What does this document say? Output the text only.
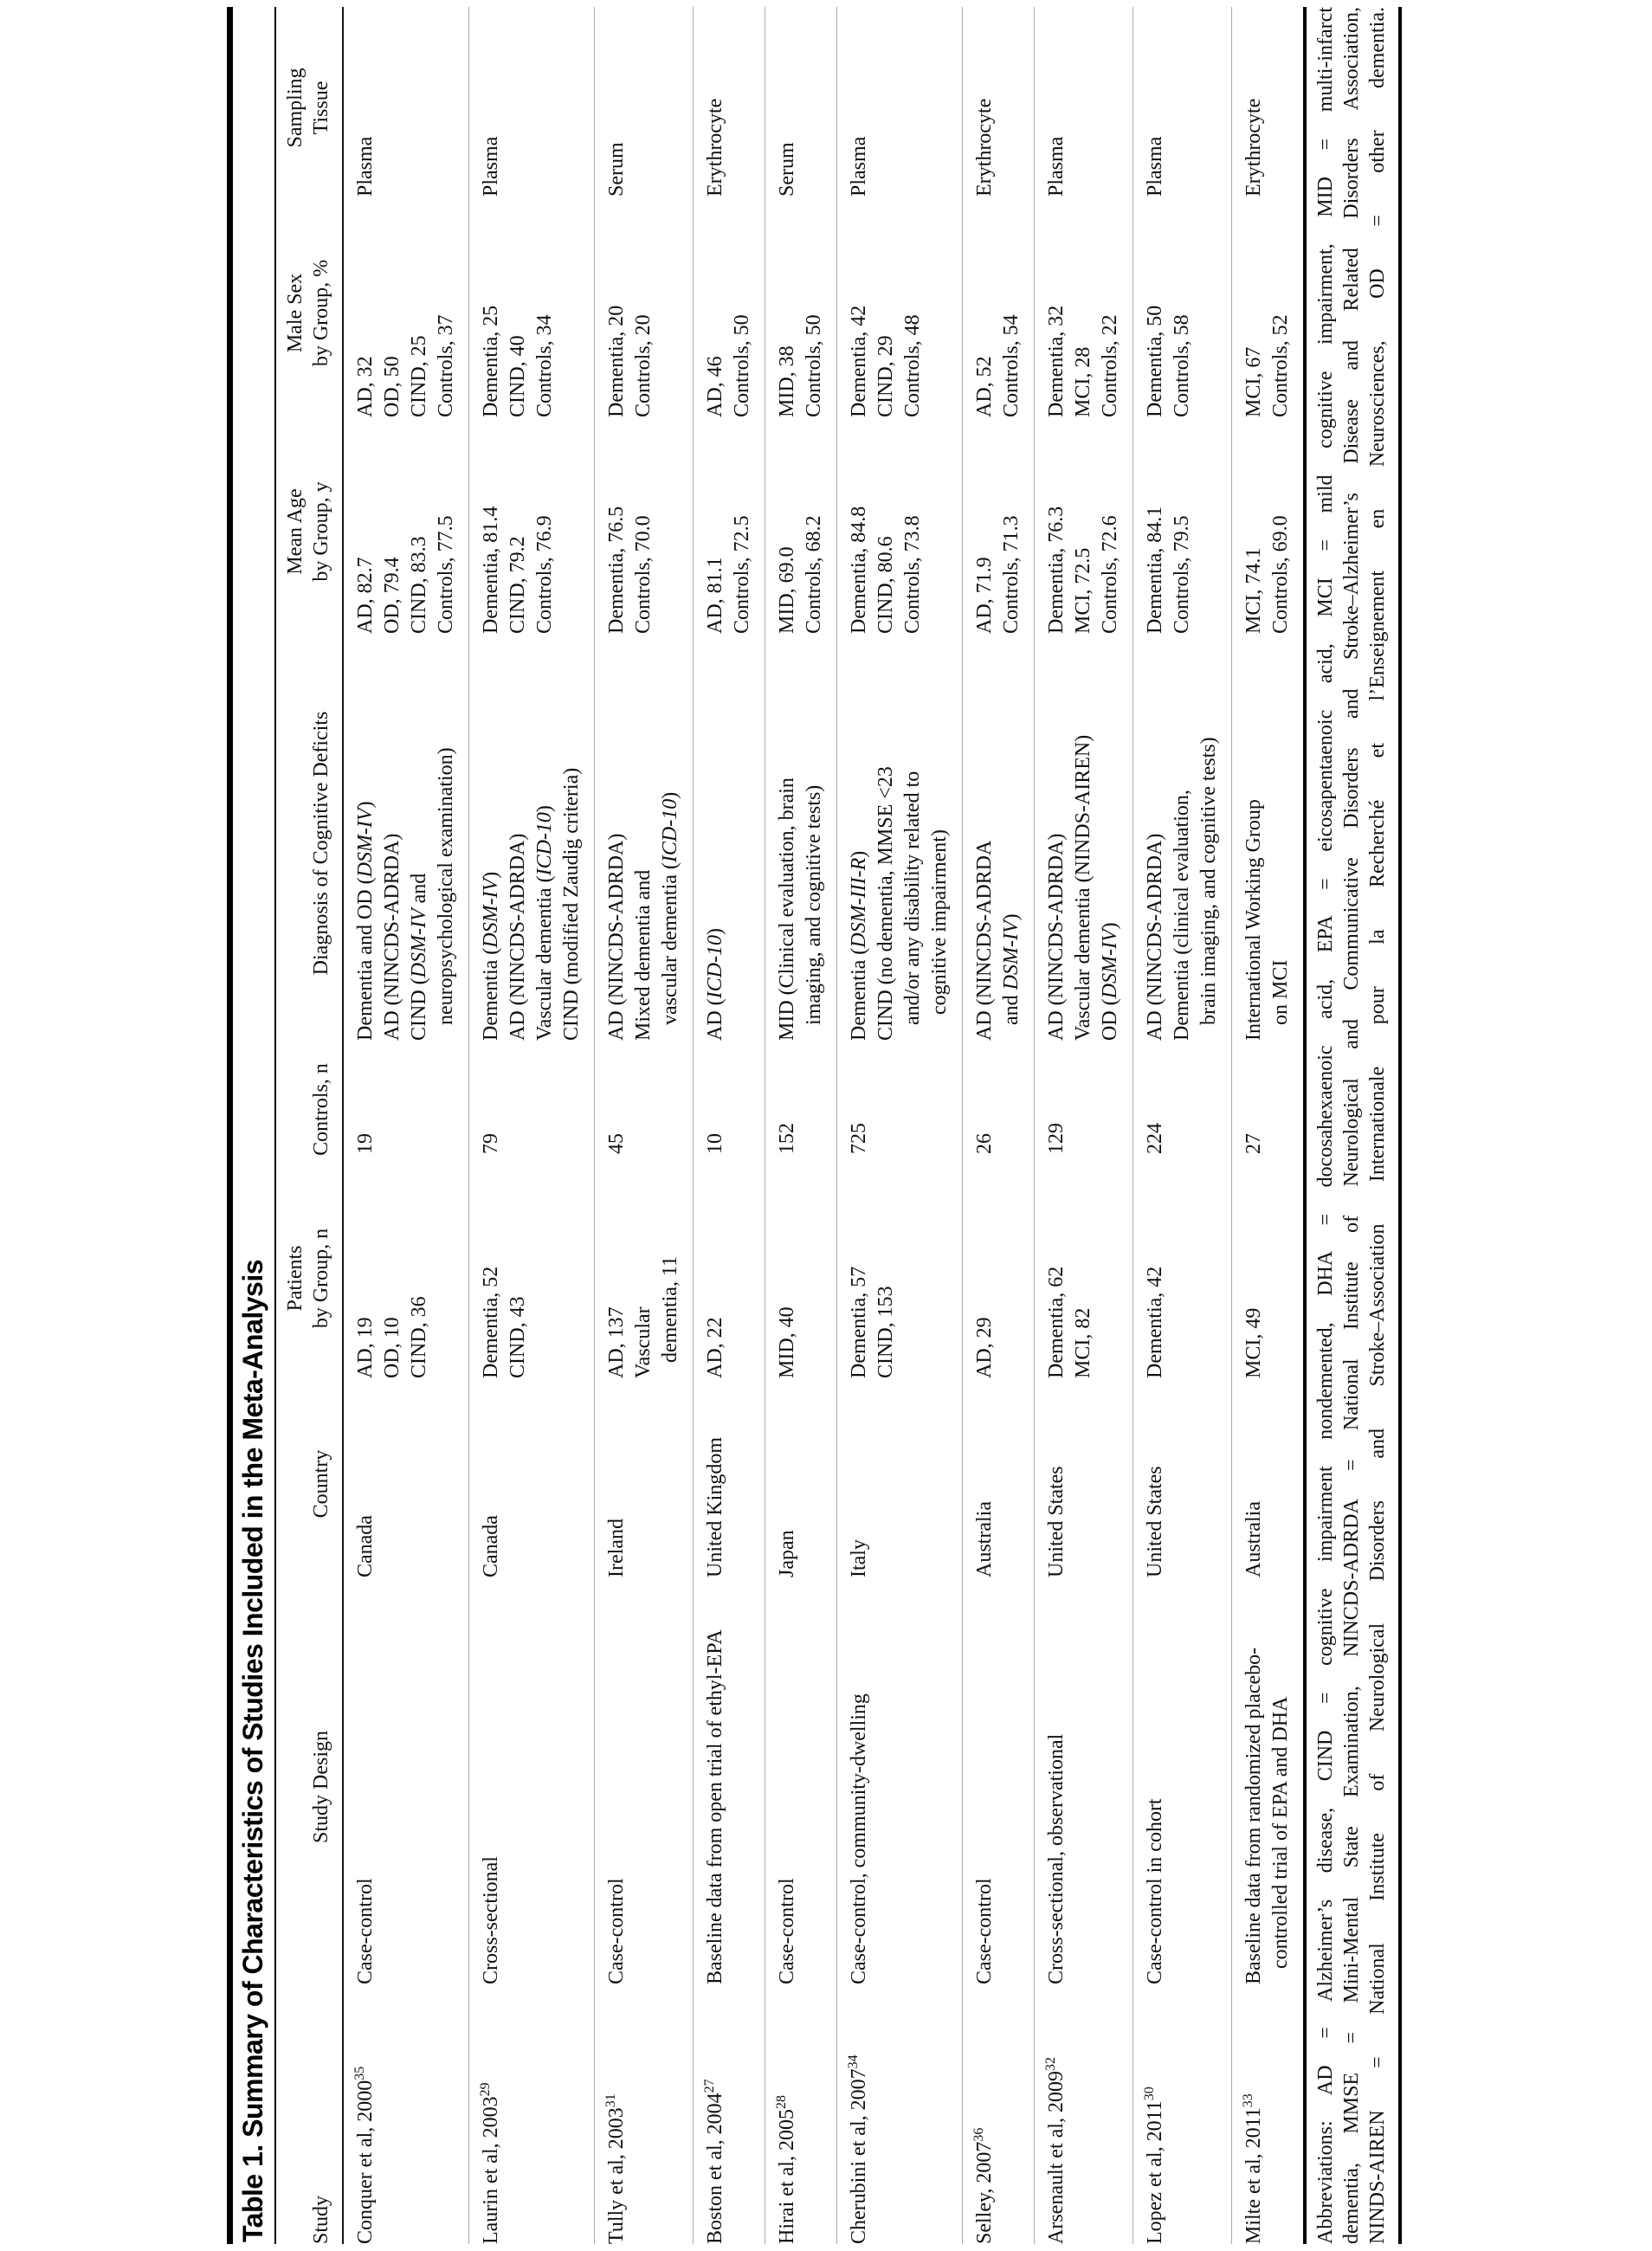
Table 1. Summary of Characteristics of Studies Included in the Meta-Analysis Study
Study Design
Country
Patients by Group, n
Controls, n
Diagnosis of Cognitive Deficits
Mean Age by Group, y
Male Sex by Group, %
Sampling Tissue
Conquer et al, 2000$^{35}$
Case-control
Canada
AD, 19 OD, 10 CIND, 36
19
Dementia and OD (DSM-IV)
AD (NINCDS-ADRDA) CIND (DSM-IV and
neuropsychological examination)
AD, 82.7 OD, 79.4 CIND, 83.3 Controls, 77.5
AD, 32 OD, 50 CIND, 25 Controls, 37
Plasma
Laurin et al, 2003$^{29}$
Cross-sectional
Canada
Dementia, 52 CIND, 43
79
Dementia (DSM-IV) AD (NINCDS-ADRDA) Vascular dementia (ICD-10) CIND (modified Zaudig criteria)
Dementia, 81.4 CIND, 79.2 Controls, 76.9
Dementia, 25 CIND, 40 Controls, 34
Plasma
Tully et al, 2003$^{31}$
Case-control
Ireland
AD, 137 Vascular dementia, 11
45
AD (NINCDS-ADRDA) Mixed dementia and vascular dementia (ICD-10)
Dementia, 76.5 Controls, 70.0
Dementia, 20 Controls, 20
Serum
Boston et al, 2004$^{27}$
Baseline data from open trial of ethyl-EPA
United Kingdom
AD, 22
10
AD (ICD-10)
AD, 81.1 Controls, 72.5
AD, 46 Controls, 50
Erythrocyte
Hirai et al, 2005$^{28}$
Case-control
Japan
MID, 40
152
MID (Clinical evaluation, brain imaging, and cognitive tests)
MID, 69.0 Controls, 68.2
MID, 38 Controls, 50
Serum
Cherubini et al, 2007$^{34}$
Case-control, community-dwelling
Italy
Dementia, 57 CIND, 153
725
Dementia (DSM-III-R) CIND (no dementia, MMSE <23 and/or any disability related to
cognitive impairment)
Dementia, 84.8 CIND, 80.6 Controls, 73.8
Dementia, 42 CIND, 29 Controls, 48
Plasma
Selley, 2007$^{36}$
Case-control
Australia
AD, 29
26
AD (NINCDS-ADRDA and DSM-IV)
AD, 71.9 Controls, 71.3
AD, 52 Controls, 54
Erythrocyte
Arsenault et al, 2009$^{32}$
Cross-sectional, observational
United States
Dementia, 62 MCI, 82
129
AD (NINCDS-ADRDA) Vascular dementia (NINDS-AIREN) OD (DSM-IV)
Dementia, 76.3 MCI, 72.5 Controls, 72.6
Dementia, 32 MCI, 28 Controls, 22
Plasma
Lopez et al, 2011$^{30}$
Case-control in cohort
United States
Dementia, 42
224
AD (NINCDS-ADRDA) Dementia (clinical evaluation, brain imaging, and cognitive tests)
Dementia, 84.1 Controls, 79.5
Dementia, 50 Controls, 58
Plasma
Milte et al, 2011$^{33}$
Baseline data from randomized placebo- controlled trial of EPA and DHA
Australia
MCI, 49
27
International Working Group on MCI
MCI, 74.1 Controls, 69.0
MCI, 67 Controls, 52
Erythrocyte Abbreviations: AD = Alzheimer’s disease, CIND = cognitive impairment nondemented, DHA = docosahexaenoic acid, EPA = eicosapentaenoic acid, MCI = mild cognitive impairment, MID = multi-infarct dementia, MMSE = Mini-Mental State Examination, NINCDS-ADRDA = National Institute of Neurological and Communicative Disorders and Stroke–Alzheimer’s Disease and Related Disorders Association, NINDS-AIREN = National Institute of Neurological Disorders and Stroke–Association Internationale pour la Recherché et l’Enseignement en Neurosciences, OD = other dementia.
